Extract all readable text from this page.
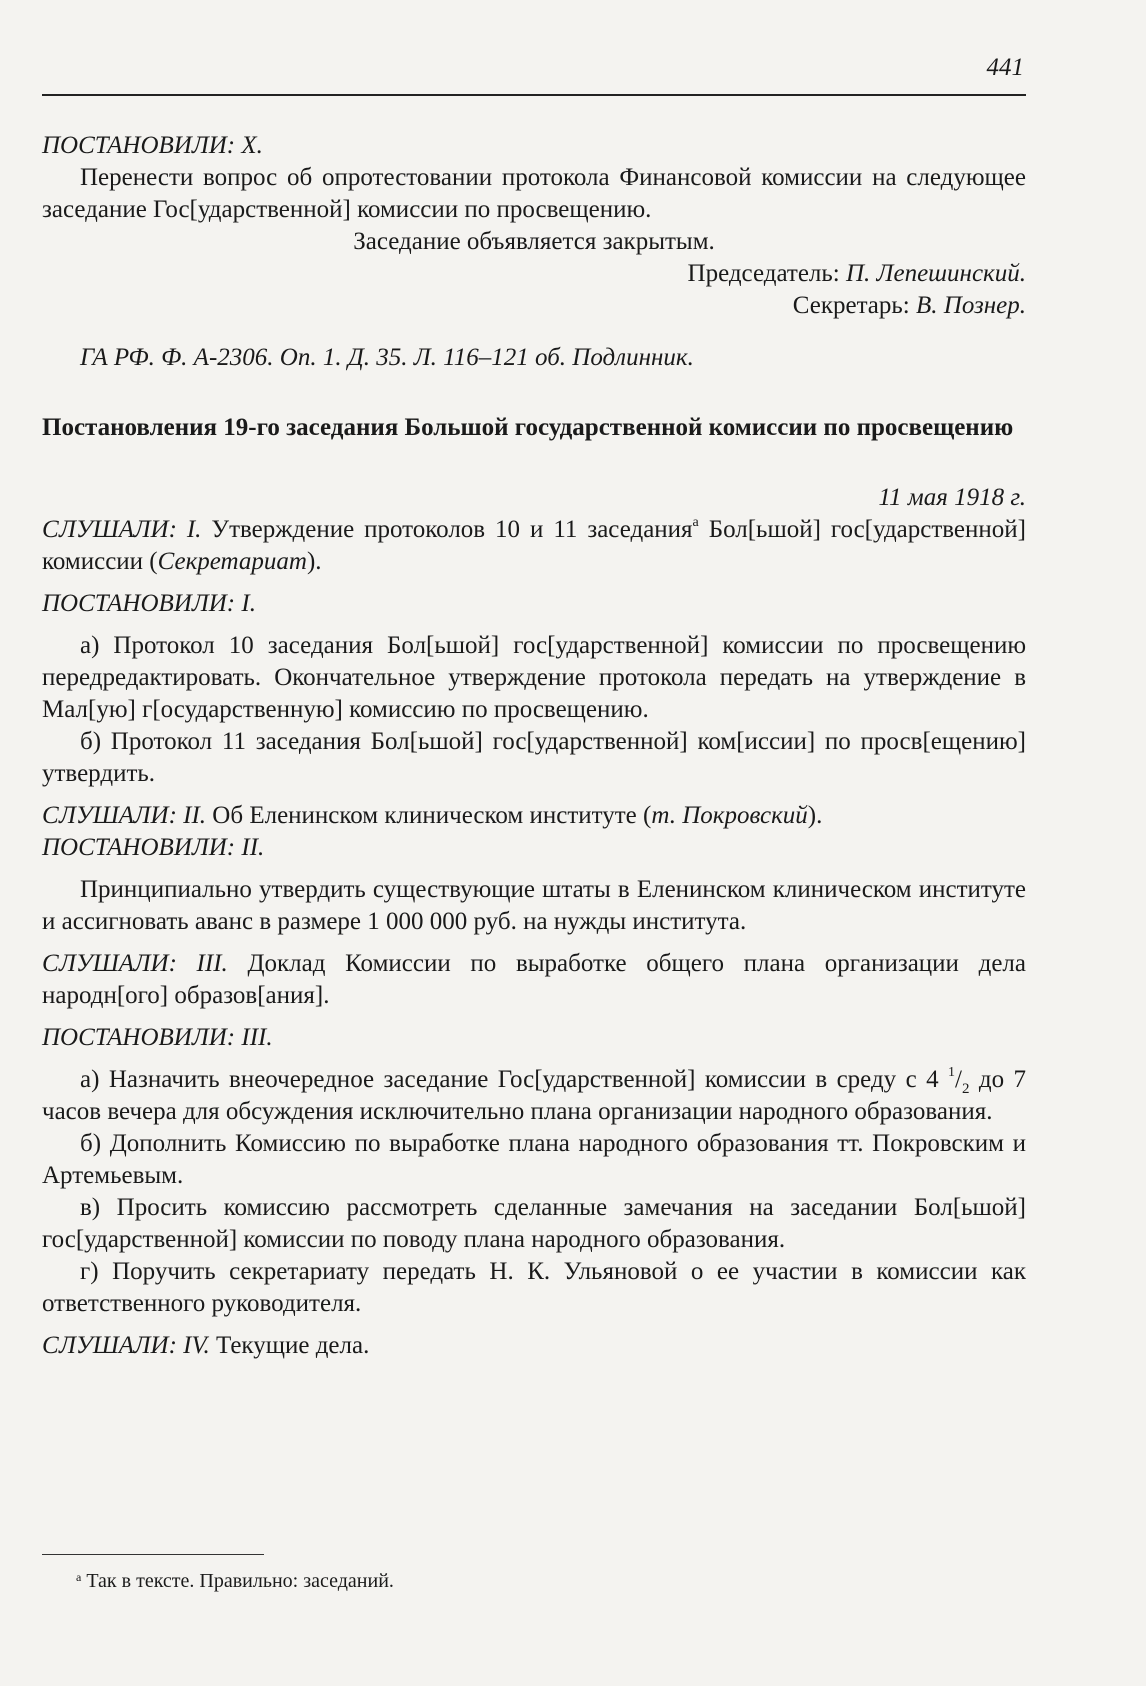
441

ПОСТАНОВИЛИ: X.

Перенести вопрос об опротестовании протокола Финансовой комиссии на следующее заседание Гос[ударственной] комиссии по просвещению.

Заседание объявляется закрытым.

Председатель: П. Лепешинский.

Секретарь: В. Познер.

ГА РФ. Ф. А-2306. Оп. 1. Д. 35. Л. 116–121 об. Подлинник.

Постановления 19-го заседания Большой государственной комиссии по просвещению

11 мая 1918 г.

СЛУШАЛИ: I. Утверждение протоколов 10 и 11 заседания$^а$ Бол[ьшой] гос[ударственной] комиссии (Секретариат).

ПОСТАНОВИЛИ: I.

а) Протокол 10 заседания Бол[ьшой] гос[ударственной] комиссии по просвещению передредактировать. Окончательное утверждение протокола передать на утверждение в Мал[ую] г[осударственную] комиссию по просвещению.

б) Протокол 11 заседания Бол[ьшой] гос[ударственной] ком[иссии] по просв[ещению] утвердить.

СЛУШАЛИ: II. Об Еленинском клиническом институте (т. Покровский).

ПОСТАНОВИЛИ: II.

Принципиально утвердить существующие штаты в Еленинском клиническом институте и ассигновать аванс в размере 1 000 000 руб. на нужды института.

СЛУШАЛИ: III. Доклад Комиссии по выработке общего плана организации дела народн[ого] образов[ания].

ПОСТАНОВИЛИ: III.

а) Назначить внеочередное заседание Гос[ударственной] комиссии в среду с 4 $^1/_2$ до 7 часов вечера для обсуждения исключительно плана организации народного образования.

б) Дополнить Комиссию по выработке плана народного образования тт. Покровским и Артемьевым.

в) Просить комиссию рассмотреть сделанные замечания на заседании Бол[ьшой] гос[ударственной] комиссии по поводу плана народного образования.

г) Поручить секретариату передать Н. К. Ульяновой о ее участии в комиссии как ответственного руководителя.

СЛУШАЛИ: IV. Текущие дела.

$^а$ Так в тексте. Правильно: заседаний.
